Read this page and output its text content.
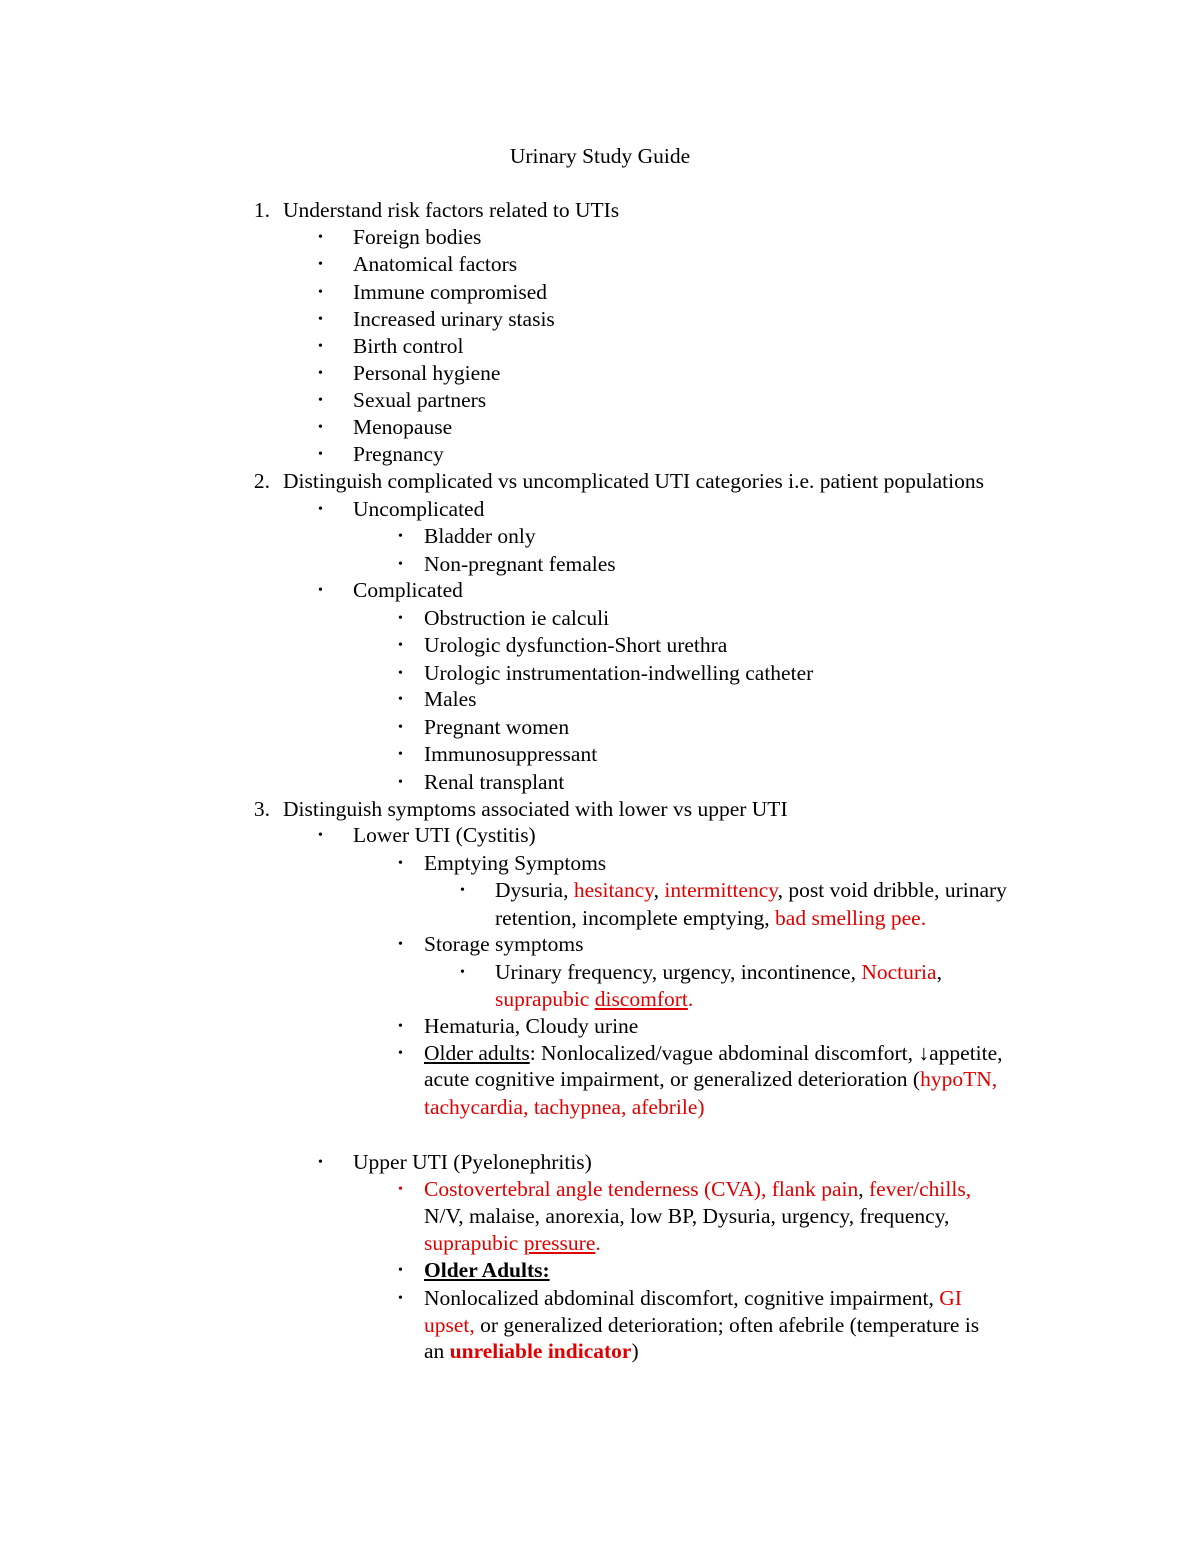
Urinary Study Guide
1. Understand risk factors related to UTIs
• Foreign bodies
• Anatomical factors
• Immune compromised
• Increased urinary stasis
• Birth control
• Personal hygiene
• Sexual partners
• Menopause
• Pregnancy
2. Distinguish complicated vs uncomplicated UTI categories i.e. patient populations
• Uncomplicated
• Bladder only
• Non-pregnant females
• Complicated
• Obstruction ie calculi
• Urologic dysfunction-Short urethra
• Urologic instrumentation-indwelling catheter
• Males
• Pregnant women
• Immunosuppressant
• Renal transplant
3. Distinguish symptoms associated with lower vs upper UTI
• Lower UTI (Cystitis)
• Emptying Symptoms
• Dysuria, hesitancy, intermittency, post void dribble, urinary
retention, incomplete emptying, bad smelling pee.
• Storage symptoms
• Urinary frequency, urgency, incontinence, Nocturia,
suprapubic discomfort.
• Hematuria, Cloudy urine
• Older adults: Nonlocalized/vague abdominal discomfort, ↓appetite,
acute cognitive impairment, or generalized deterioration (hypoTN,
tachycardia, tachypnea, afebrile)
• Upper UTI (Pyelonephritis)
• Costovertebral angle tenderness (CVA), flank pain, fever/chills,
N/V, malaise, anorexia, low BP, Dysuria, urgency, frequency,
suprapubic pressure.
• Older Adults:
• Nonlocalized abdominal discomfort, cognitive impairment, GI
upset, or generalized deterioration; often afebrile (temperature is
an unreliable indicator)
